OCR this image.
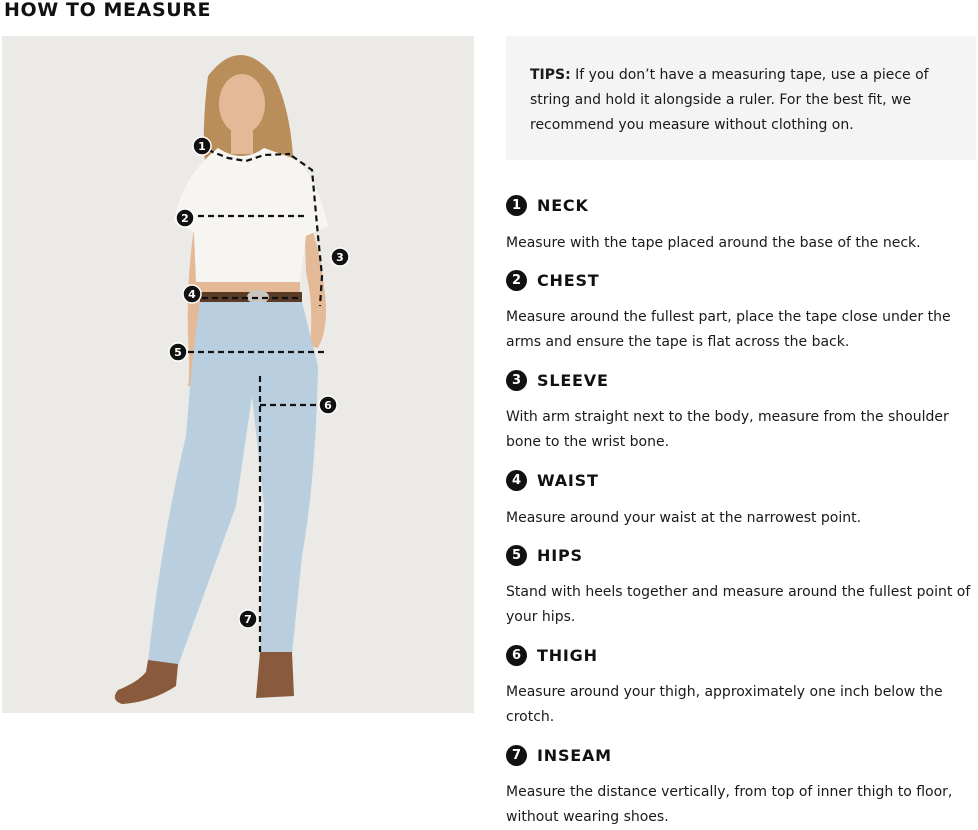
HOW TO MEASURE
1
2
3
4
5
6
7
TIPS: If you don’t have a measuring tape, use a piece of string and hold it alongside a ruler. For the best fit, we recommend you measure without clothing on.
1 NECK

Measure with the tape placed around the base of the neck.

2 CHEST

Measure around the fullest part, place the tape close under the arms and ensure the tape is flat across the back.

3 SLEEVE

With arm straight next to the body, measure from the shoulder bone to the wrist bone.

4 WAIST

Measure around your waist at the narrowest point.

5 HIPS

Stand with heels together and measure around the fullest point of your hips.

6 THIGH

Measure around your thigh, approximately one inch below the crotch.

7 INSEAM

Measure the distance vertically, from top of inner thigh to floor, without wearing shoes.
